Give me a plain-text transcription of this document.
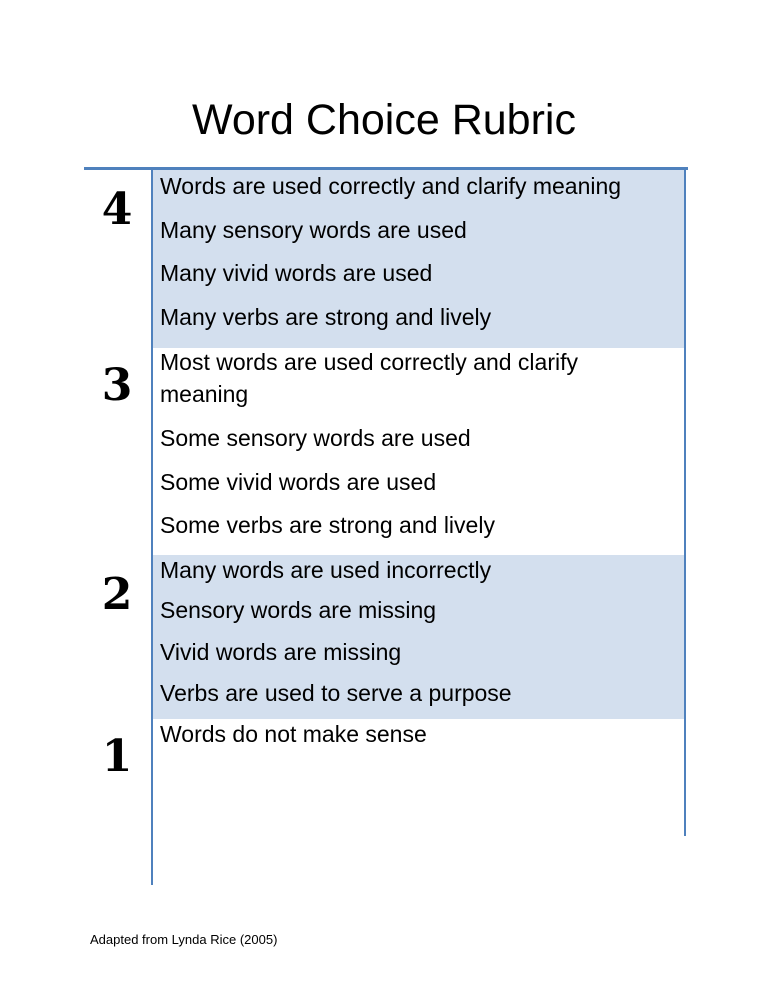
Word Choice Rubric
4	Words are used correctly and clarify meaning
Many sensory words are used
Many vivid words are used
Many verbs are strong and lively
3	Most words are used correctly and clarify meaning
Some sensory words are used
Some vivid words are used
Some verbs are strong and lively
2	Many words are used incorrectly
Sensory words are missing
Vivid words are missing
Verbs are used to serve a purpose
1	Words do not make sense
Adapted from Lynda Rice (2005)
